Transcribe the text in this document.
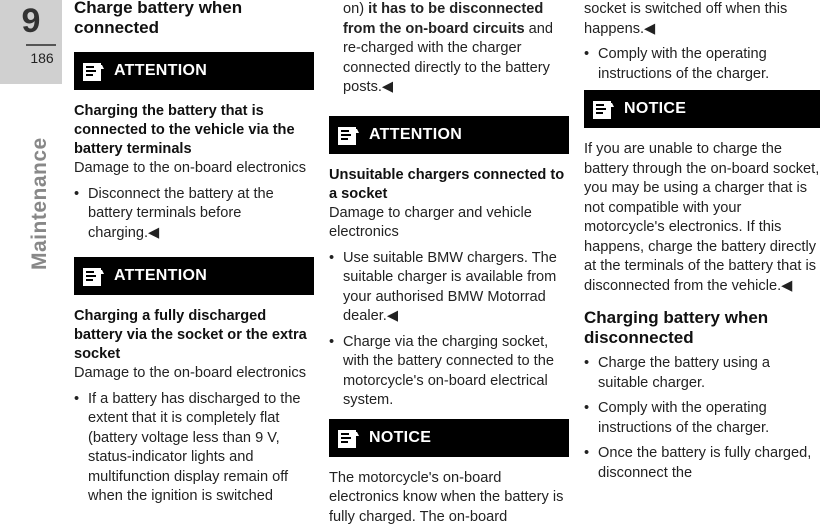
9
186
Maintenance
Charge battery when connected
ATTENTION

Charging the battery that is connected to the vehicle via the battery terminals

Damage to the on-board electronics

• Disconnect the battery at the battery terminals before charging.◀
ATTENTION

Charging a fully discharged battery via the socket or the extra socket

Damage to the on-board electronics

• If a battery has discharged to the extent that it is completely flat (battery voltage less than 9 V, status-indicator lights and multifunction display remain off when the ignition is switched

on) it has to be disconnected from the on-board circuits and re-charged with the charger connected directly to the battery posts.◀

ATTENTION

Unsuitable chargers connected to a socket

Damage to charger and vehicle electronics

• Use suitable BMW chargers. The suitable charger is available from your authorised BMW Motorrad dealer.◀
• Charge via the charging socket, with the battery connected to the motorcycle's on-board electrical system.
NOTICE

The motorcycle's on-board electronics know when the battery is fully charged. The on-board

socket is switched off when this happens.◀

• Comply with the operating instructions of the charger.
NOTICE

If you are unable to charge the battery through the on-board socket, you may be using a charger that is not compatible with your motorcycle's electronics. If this happens, charge the battery directly at the terminals of the battery that is disconnected from the vehicle.◀

Charging battery when disconnected
• Charge the battery using a suitable charger.
• Comply with the operating instructions of the charger.
• Once the battery is fully charged, disconnect the
